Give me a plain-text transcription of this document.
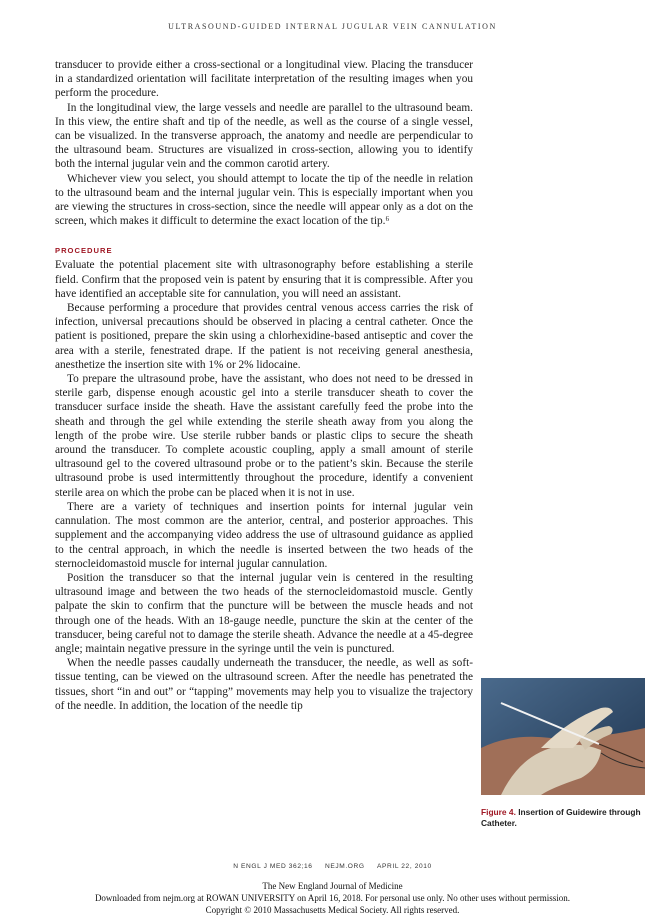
ULTRASOUND-GUIDED INTERNAL JUGULAR VEIN CANNULATION

transducer to provide either a cross-sectional or a longitudinal view. Placing the transducer in a standardized orientation will facilitate interpretation of the resulting images when you perform the procedure.

In the longitudinal view, the large vessels and needle are parallel to the ultrasound beam. In this view, the entire shaft and tip of the needle, as well as the course of a single vessel, can be visualized. In the transverse approach, the anatomy and needle are perpendicular to the ultrasound beam. Structures are visualized in cross-section, allowing you to identify both the internal jugular vein and the common carotid artery.

Whichever view you select, you should attempt to locate the tip of the needle in relation to the ultrasound beam and the internal jugular vein. This is especially important when you are viewing the structures in cross-section, since the needle will appear only as a dot on the screen, which makes it difficult to determine the exact location of the tip.⁶

PROCEDURE

Evaluate the potential placement site with ultrasonography before establishing a sterile field. Confirm that the proposed vein is patent by ensuring that it is compressible. After you have identified an acceptable site for cannulation, you will need an assistant.

Because performing a procedure that provides central venous access carries the risk of infection, universal precautions should be observed in placing a central catheter. Once the patient is positioned, prepare the skin using a chlorhexidine-based antiseptic and cover the area with a sterile, fenestrated drape. If the patient is not receiving general anesthesia, anesthetize the insertion site with 1% or 2% lidocaine.

To prepare the ultrasound probe, have the assistant, who does not need to be dressed in sterile garb, dispense enough acoustic gel into a sterile transducer sheath to cover the transducer surface inside the sheath. Have the assistant carefully feed the probe into the sheath and through the gel while extending the sterile sheath away from you along the length of the probe wire. Use sterile rubber bands or plastic clips to secure the sheath around the transducer. To complete acoustic coupling, apply a small amount of sterile ultrasound gel to the covered ultrasound probe or to the patient’s skin. Because the sterile ultrasound probe is used intermittently throughout the procedure, identify a convenient sterile area on which the probe can be placed when it is not in use.

There are a variety of techniques and insertion points for internal jugular vein cannulation. The most common are the anterior, central, and posterior approaches. This supplement and the accompanying video address the use of ultrasound guidance as applied to the central approach, in which the needle is inserted between the two heads of the sternocleidomastoid muscle for internal jugular cannulation.

Position the transducer so that the internal jugular vein is centered in the resulting ultrasound image and between the two heads of the sternocleidomastoid muscle. Gently palpate the skin to confirm that the puncture will be between the muscle heads and not through one of the heads. With an 18-gauge needle, puncture the skin at the center of the transducer, being careful not to damage the sterile sheath. Advance the needle at a 45-degree angle; maintain negative pressure in the syringe until the vein is punctured.

When the needle passes caudally underneath the transducer, the needle, as well as soft-tissue tenting, can be viewed on the ultrasound screen. After the needle has penetrated the tissues, short “in and out” or “tapping” movements may help you to visualize the trajectory of the needle. In addition, the location of the needle tip

Figure 4. Insertion of Guidewire through Catheter.
N ENGL J MED 362;16 NEJM.ORG APRIL 22, 2010
The New England Journal of Medicine
Downloaded from nejm.org at ROWAN UNIVERSITY on April 16, 2018. For personal use only. No other uses without permission.
Copyright © 2010 Massachusetts Medical Society. All rights reserved.
